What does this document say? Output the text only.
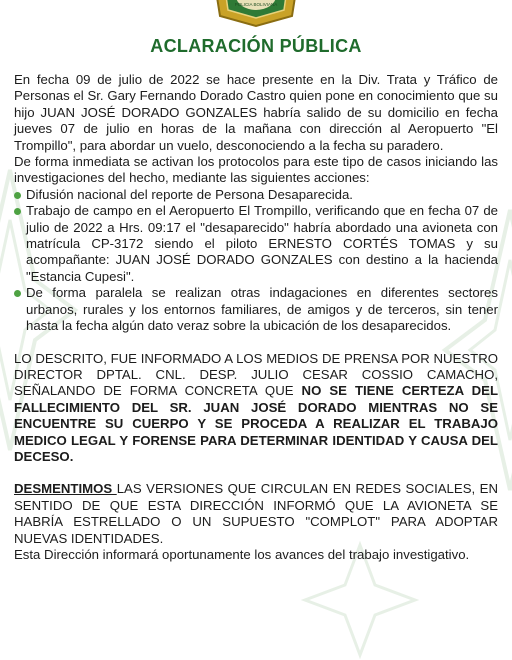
POLICIA BOLIVIANA
ACLARACIÓN PÚBLICA

En fecha 09 de julio de 2022 se hace presente en la Div. Trata y Tráfico de Personas el Sr. Gary Fernando Dorado Castro quien pone en conocimiento que su hijo JUAN JOSÉ DORADO GONZALES habría salido de su domicilio en fecha jueves 07 de julio en horas de la mañana con dirección al Aeropuerto "El Trompillo", para abordar un vuelo, desconociendo a la fecha su paradero.

De forma inmediata se activan los protocolos para este tipo de casos iniciando las investigaciones del hecho, mediante las siguientes acciones:

Difusión nacional del reporte de Persona Desaparecida.
Trabajo de campo en el Aeropuerto El Trompillo, verificando que en fecha 07 de julio de 2022 a Hrs. 09:17 el "desaparecido" habría abordado una avioneta con matrícula CP-3172 siendo el piloto ERNESTO CORTÉS TOMAS y su acompañante: JUAN JOSÉ DORADO GONZALES con destino a la hacienda "Estancia Cupesi".
De forma paralela se realizan otras indagaciones en diferentes sectores urbanos, rurales y los entornos familiares, de amigos y de terceros, sin tener hasta la fecha algún dato veraz sobre la ubicación de los desaparecidos.

LO DESCRITO, FUE INFORMADO A LOS MEDIOS DE PRENSA POR NUESTRO DIRECTOR DPTAL. CNL. DESP. JULIO CESAR COSSIO CAMACHO, SEÑALANDO DE FORMA CONCRETA QUE NO SE TIENE CERTEZA DEL FALLECIMIENTO DEL SR. JUAN JOSÉ DORADO MIENTRAS NO SE ENCUENTRE SU CUERPO Y SE PROCEDA A REALIZAR EL TRABAJO MEDICO LEGAL Y FORENSE PARA DETERMINAR IDENTIDAD Y CAUSA DEL DECESO.

DESMENTIMOS LAS VERSIONES QUE CIRCULAN EN REDES SOCIALES, EN SENTIDO DE QUE ESTA DIRECCIÓN INFORMÓ QUE LA AVIONETA SE HABRÍA ESTRELLADO O UN SUPUESTO "COMPLOT" PARA ADOPTAR NUEVAS IDENTIDADES.

Esta Dirección informará oportunamente los avances del trabajo investigativo.
